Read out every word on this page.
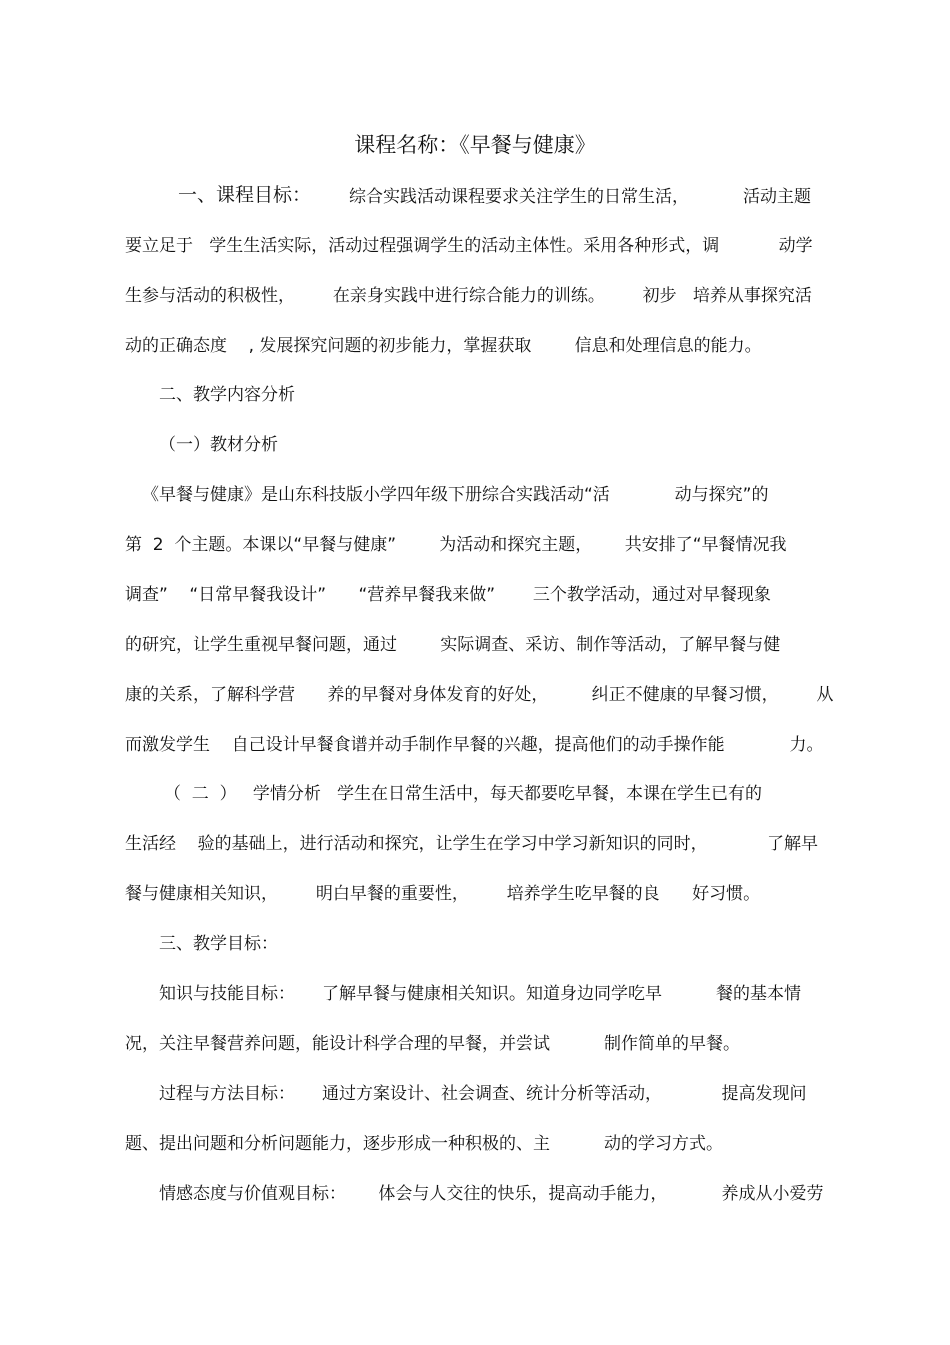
课程名称：《早餐与健康》

一、课程目标： 综合实践活动课程要求关注学生的日常生活，          活动主题

要立足于   学生生活实际，活动过程强调学生的活动主体性。采用各种形式，调           动学

生参与活动的积极性，       在亲身实践中进行综合能力的训练。       初步   培养从事探究活

动的正确态度    , 发展探究问题的初步能力，掌握获取        信息和处理信息的能力。

二、教学内容分析

（一）教材分析

《早餐与健康》是山东科技版小学四年级下册综合实践活动“活            动与探究”的

第  2  个主题。本课以“早餐与健康”        为活动和探究主题，      共安排了“早餐情况我

调查”    “日常早餐我设计”      “营养早餐我来做”       三个教学活动，通过对早餐现象

的研究，让学生重视早餐问题，通过        实际调查、采访、制作等活动，了解早餐与健

康的关系，了解科学营      养的早餐对身体发育的好处，        纠正不健康的早餐习惯，       从

而激发学生    自己设计早餐食谱并动手制作早餐的兴趣，提高他们的动手操作能            力。

（  二  ）   学情分析   学生在日常生活中，每天都要吃早餐，本课在学生已有的

生活经    验的基础上，进行活动和探究，让学生在学习中学习新知识的同时，           了解早

餐与健康相关知识，       明白早餐的重要性，       培养学生吃早餐的良      好习惯。

三、教学目标：

知识与技能目标：     了解早餐与健康相关知识。知道身边同学吃早          餐的基本情

况，关注早餐营养问题，能设计科学合理的早餐，并尝试          制作简单的早餐。

过程与方法目标：     通过方案设计、社会调查、统计分析等活动，           提高发现问

题、提出问题和分析问题能力，逐步形成一种积极的、主          动的学习方式。

情感态度与价值观目标：      体会与人交往的快乐，提高动手能力，          养成从小爱劳
